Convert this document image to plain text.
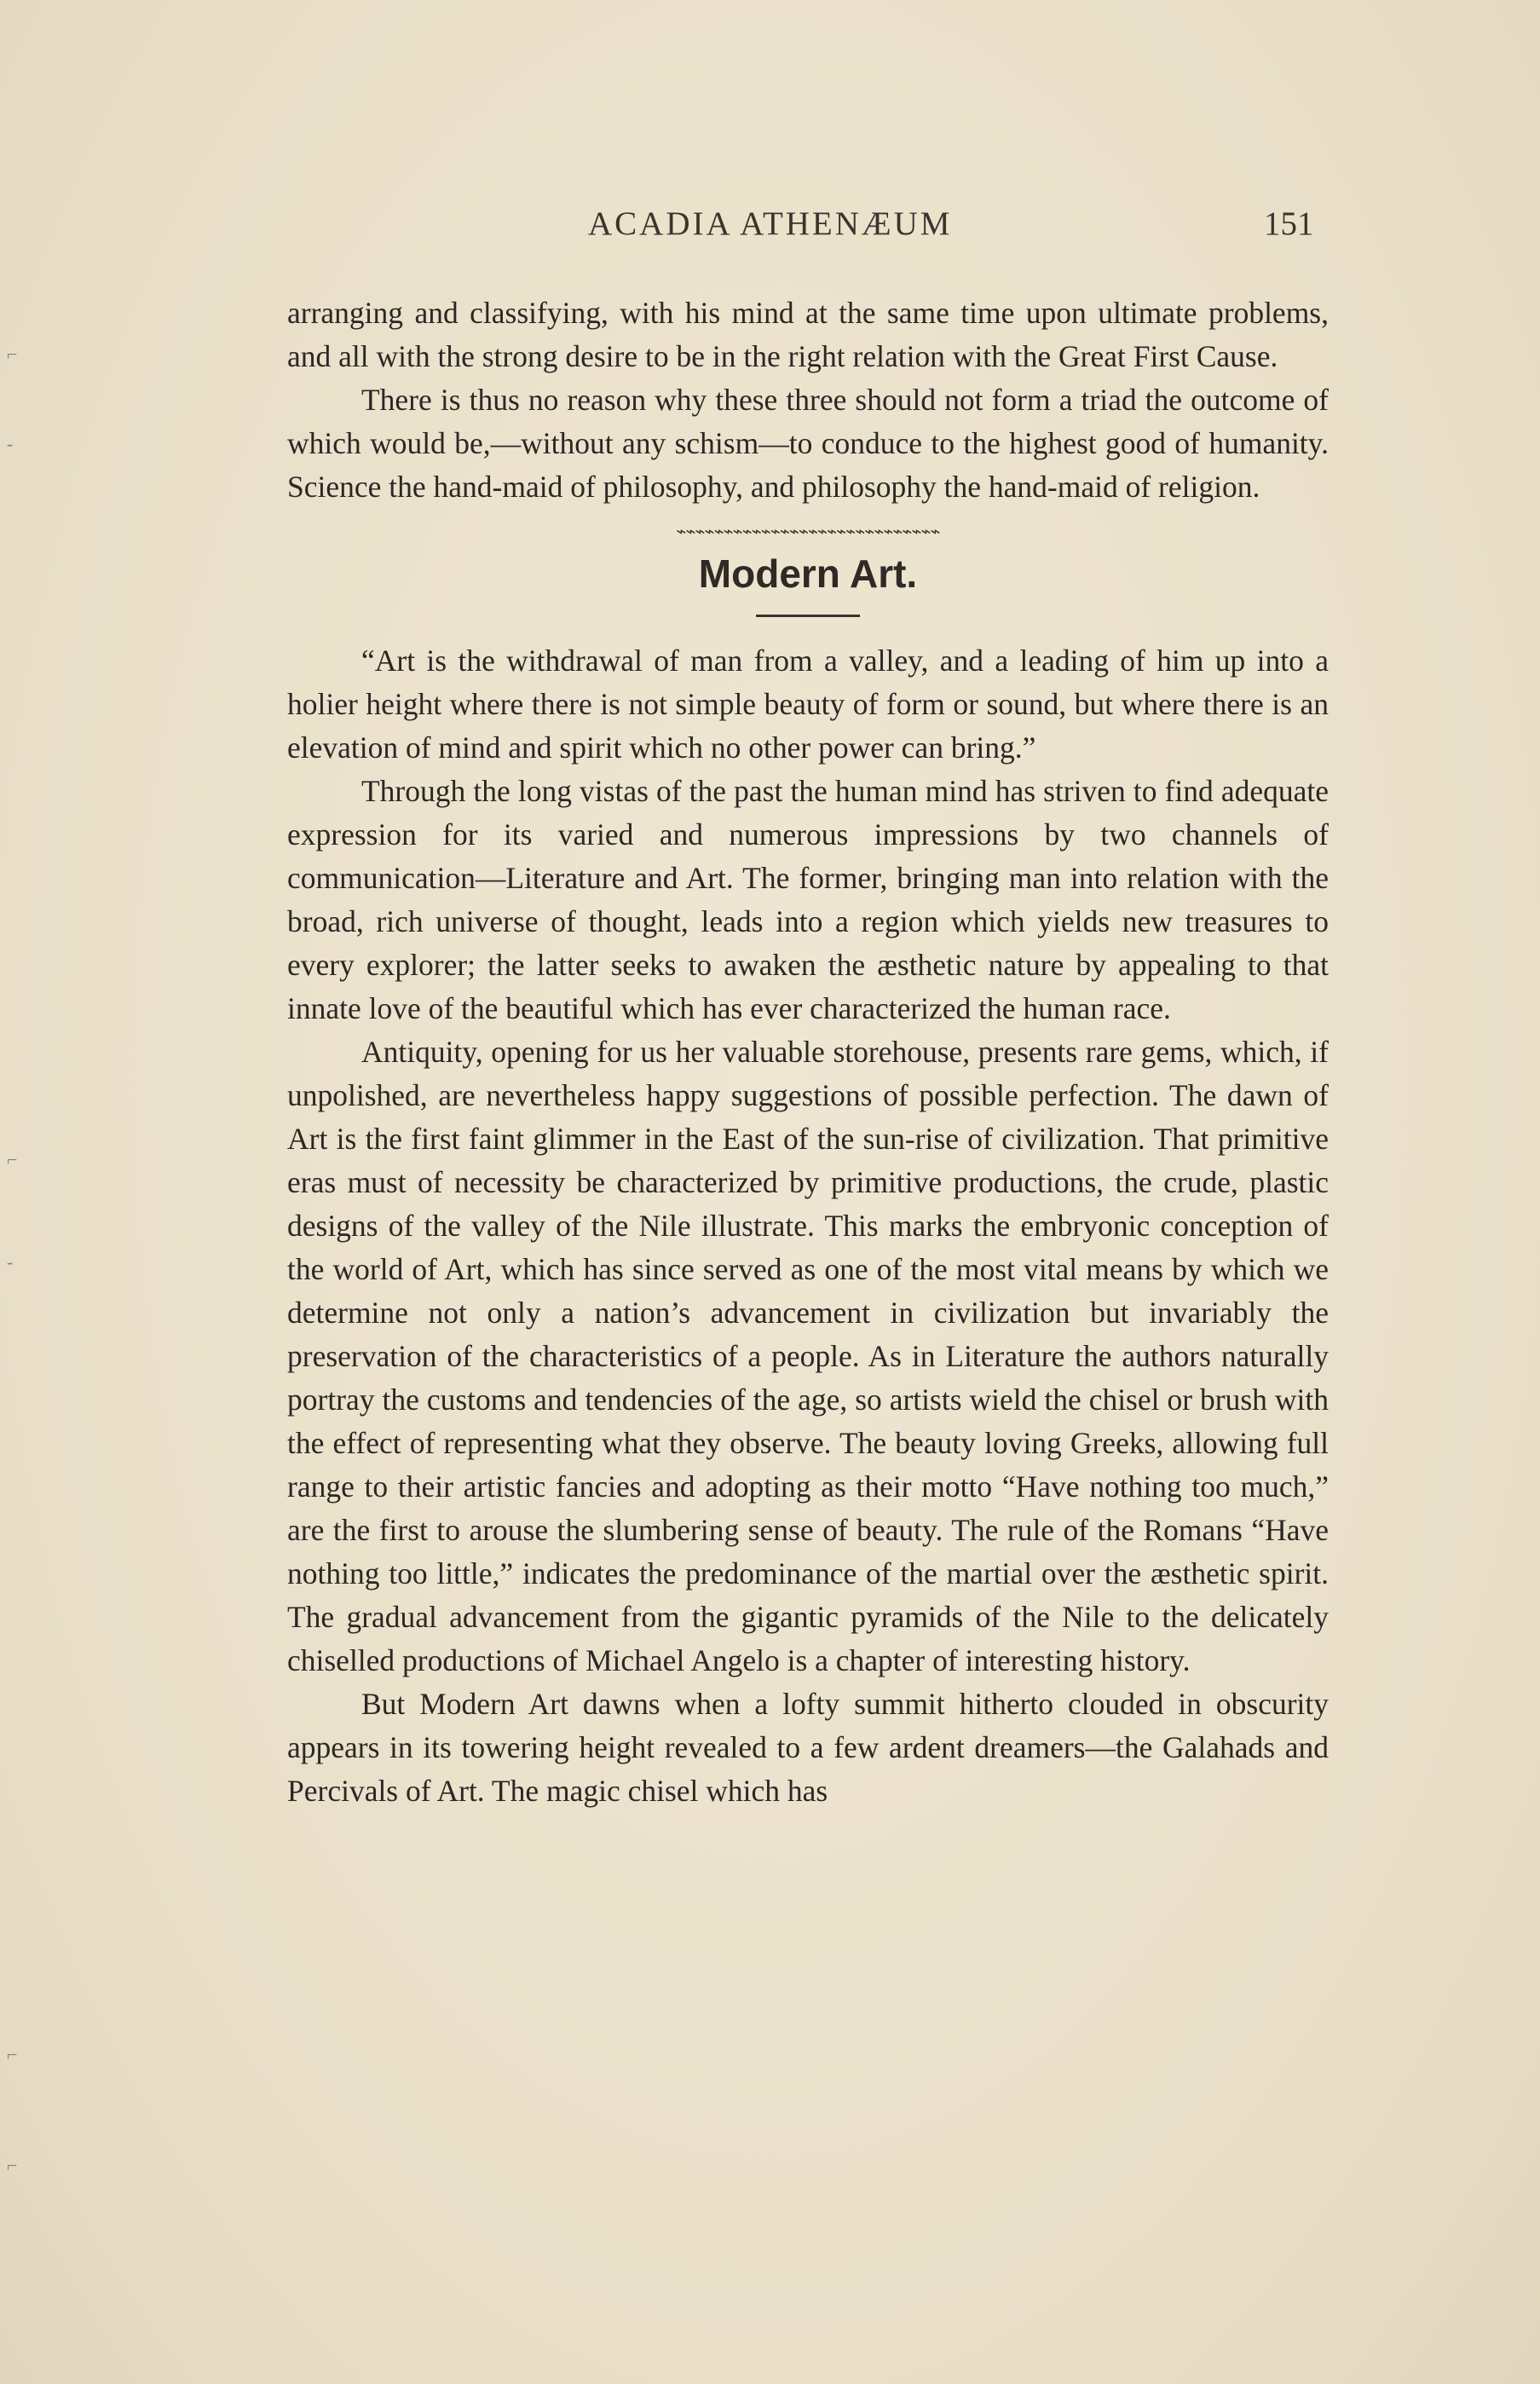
⌐
-
⌐
-
⌐
⌐
ACADIA ATHENÆUM	151

arranging and classifying, with his mind at the same time upon ultimate problems, and all with the strong desire to be in the right relation with the Great First Cause.

There is thus no reason why these three should not form a triad the outcome of which would be,—without any schism—to conduce to the highest good of humanity. Science the hand-maid of philosophy, and philosophy the hand-maid of religion.

⌁⌁⌁⌁⌁⌁⌁⌁⌁⌁⌁⌁⌁⌁⌁⌁⌁⌁⌁⌁⌁⌁⌁⌁⌁⌁⌁⌁
Modern Art.

“Art is the withdrawal of man from a valley, and a leading of him up into a holier height where there is not simple beauty of form or sound, but where there is an elevation of mind and spirit which no other power can bring.”

Through the long vistas of the past the human mind has striven to find adequate expression for its varied and numerous impressions by two channels of communication—Literature and Art. The former, bringing man into relation with the broad, rich universe of thought, leads into a region which yields new treasures to every explorer; the latter seeks to awaken the æsthetic nature by appealing to that innate love of the beautiful which has ever characterized the human race.

Antiquity, opening for us her valuable storehouse, presents rare gems, which, if unpolished, are nevertheless happy suggestions of possible perfection. The dawn of Art is the first faint glimmer in the East of the sun-rise of civilization. That primitive eras must of necessity be characterized by primitive productions, the crude, plastic designs of the valley of the Nile illustrate. This marks the embryonic conception of the world of Art, which has since served as one of the most vital means by which we determine not only a nation’s advancement in civilization but invariably the preservation of the characteristics of a people. As in Literature the authors naturally portray the customs and tendencies of the age, so artists wield the chisel or brush with the effect of representing what they observe. The beauty loving Greeks, allowing full range to their artistic fancies and adopting as their motto “Have nothing too much,” are the first to arouse the slumbering sense of beauty. The rule of the Romans “Have nothing too little,” indicates the predominance of the martial over the æsthetic spirit. The gradual advancement from the gigantic pyramids of the Nile to the delicately chiselled productions of Michael Angelo is a chapter of interesting history.

But Modern Art dawns when a lofty summit hitherto clouded in obscurity appears in its towering height revealed to a few ardent dreamers—the Galahads and Percivals of Art. The magic chisel which has
